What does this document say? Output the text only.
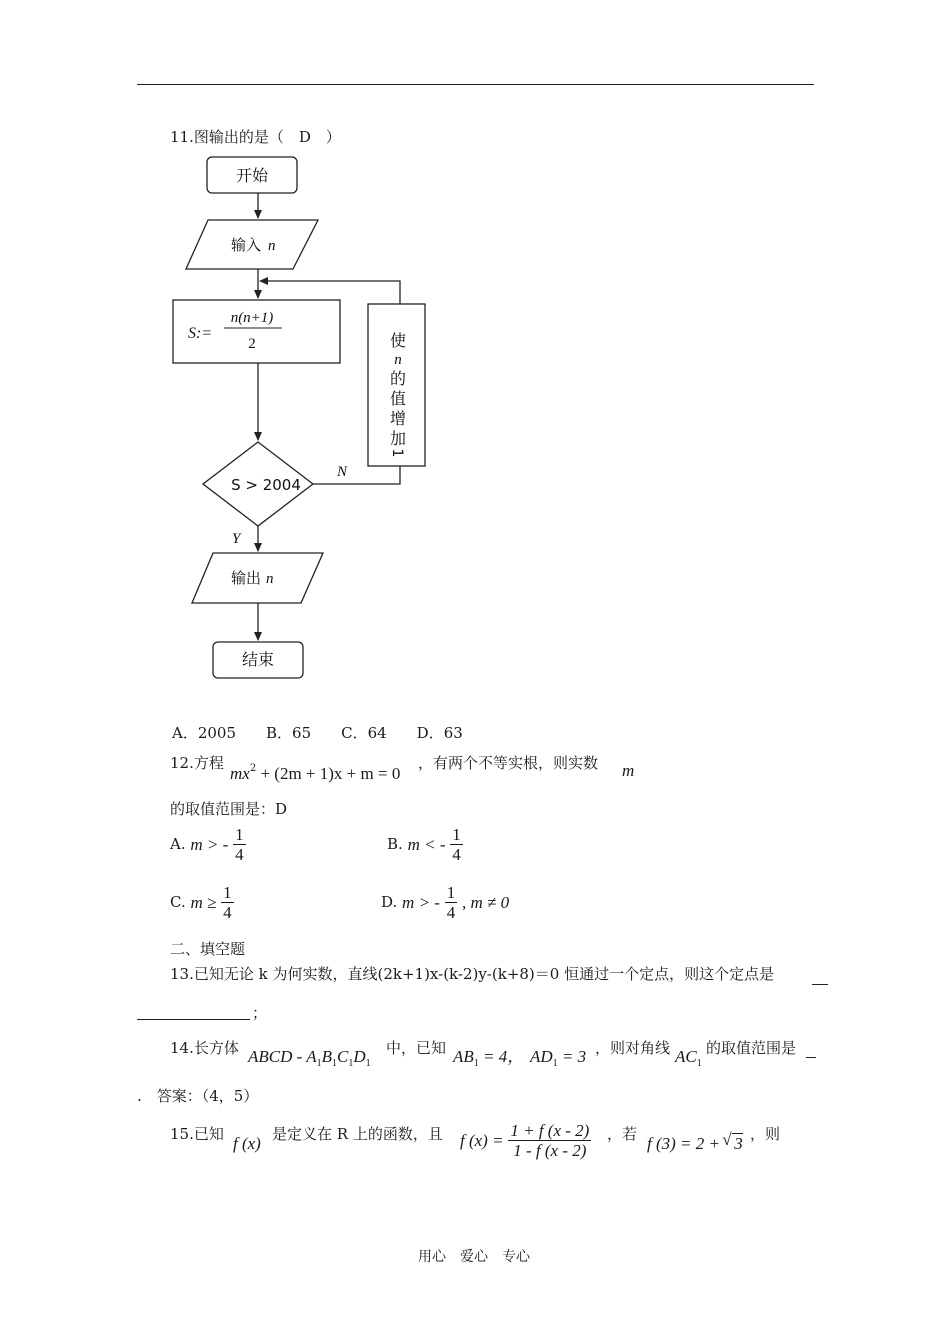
11.图输出的是（　D　）
开始
输入 n
S:=
n(n+1)
2	使
n
的
值
增
加
1
S > 2004
N
Y
输出 n
结束
A．2005　　B．65　　C．64　　D．63
12.方程
$mx^2 + (2m + 1)x + m = 0$
，有两个不等实根，则实数 m
的取值范围是：D
A. m > - $\frac{1}{4}$	B. m < - $\frac{1}{4}$
C. $m \ge \frac{1}{4}$	D. m > - $\frac{1}{4}$ , m ≠ 0
二、填空题
13.已知无论 k 为何实数，直线(2k+1)x-(k-2)y-(k+8)＝0 恒通过一个定点，则这个定点是
；
14.长方体 ABCD - $A_1B_1C_1D_1$
中，已知 $AB_1 = 4$， $AD_1 = 3$ ，则对角线 $AC_1$
的取值范围是
.　答案：（4，5）
15.已知 f (x) 是定义在 R 上的函数，且 f $(x) = \frac{1 + f (x - 2)}{1 - f (x - 2)}$ ，若 f (3) = 2 +
√ 3 ，则
用心　爱心　专心
